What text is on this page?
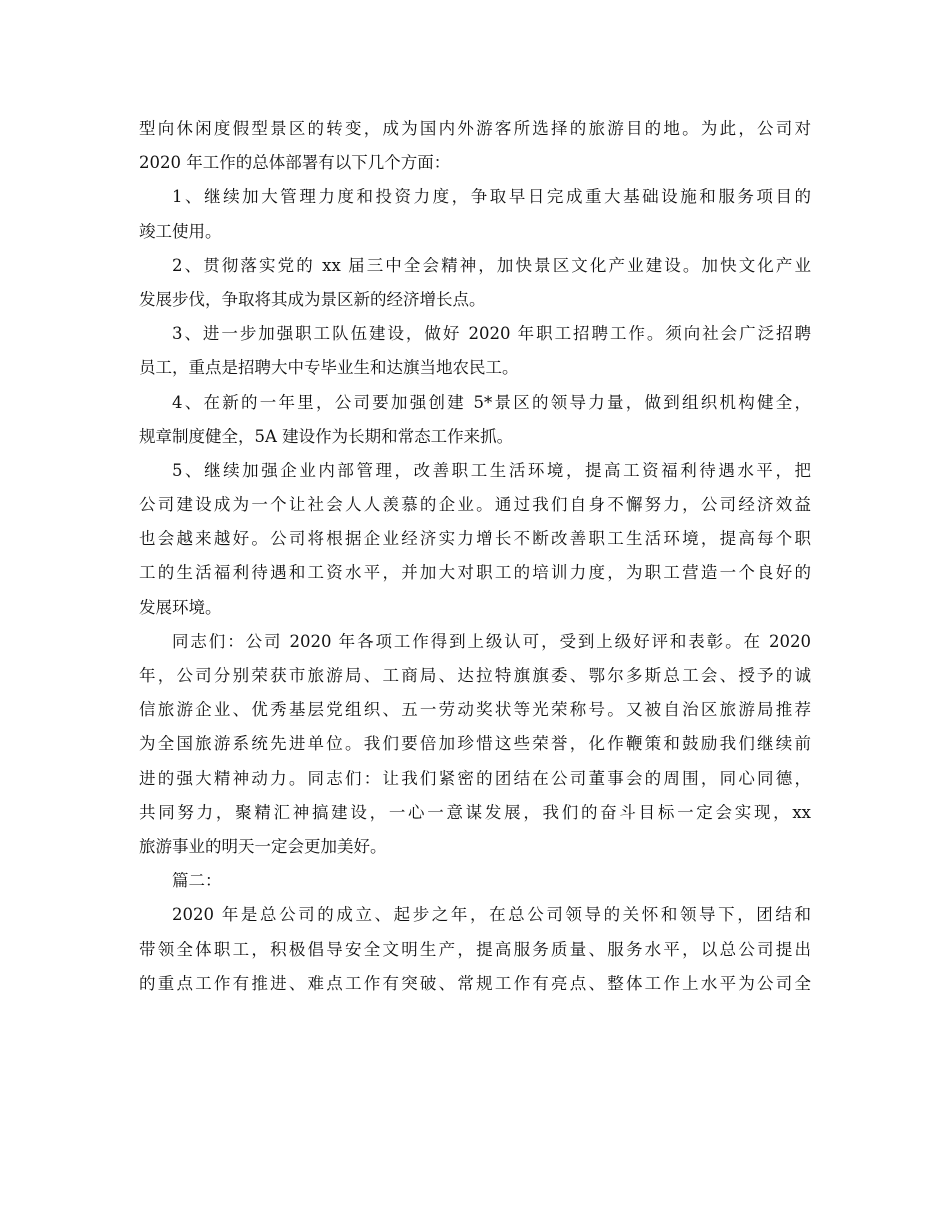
型向休闲度假型景区的转变，成为国内外游客所选择的旅游目的地。为此，公司对
2020 年工作的总体部署有以下几个方面：
1、继续加大管理力度和投资力度，争取早日完成重大基础设施和服务项目的
竣工使用。
2、贯彻落实党的 xx 届三中全会精神，加快景区文化产业建设。加快文化产业
发展步伐，争取将其成为景区新的经济增长点。
3、进一步加强职工队伍建设，做好 2020 年职工招聘工作。须向社会广泛招聘
员工，重点是招聘大中专毕业生和达旗当地农民工。
4、在新的一年里，公司要加强创建 5*景区的领导力量，做到组织机构健全，
规章制度健全，5A 建设作为长期和常态工作来抓。
5、继续加强企业内部管理，改善职工生活环境，提高工资福利待遇水平，把
公司建设成为一个让社会人人羡慕的企业。通过我们自身不懈努力，公司经济效益
也会越来越好。公司将根据企业经济实力增长不断改善职工生活环境，提高每个职
工的生活福利待遇和工资水平，并加大对职工的培训力度，为职工营造一个良好的
发展环境。
同志们：公司 2020 年各项工作得到上级认可，受到上级好评和表彰。在 2020
年，公司分别荣获市旅游局、工商局、达拉特旗旗委、鄂尔多斯总工会、授予的诚
信旅游企业、优秀基层党组织、五一劳动奖状等光荣称号。又被自治区旅游局推荐
为全国旅游系统先进单位。我们要倍加珍惜这些荣誉，化作鞭策和鼓励我们继续前
进的强大精神动力。同志们：让我们紧密的团结在公司董事会的周围，同心同德，
共同努力，聚精汇神搞建设，一心一意谋发展，我们的奋斗目标一定会实现，xx
旅游事业的明天一定会更加美好。
篇二：
2020 年是总公司的成立、起步之年，在总公司领导的关怀和领导下，团结和
带领全体职工，积极倡导安全文明生产，提高服务质量、服务水平，以总公司提出
的重点工作有推进、难点工作有突破、常规工作有亮点、整体工作上水平为公司全
